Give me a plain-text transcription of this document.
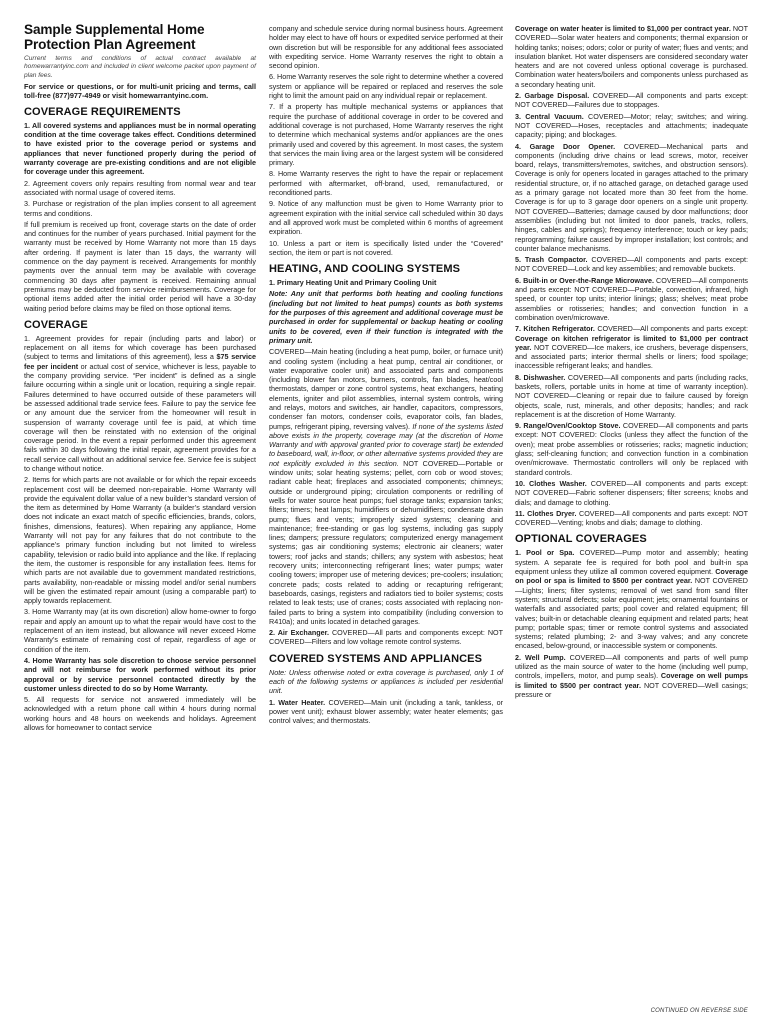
Sample Supplemental Home
Protection Plan Agreement

Current terms and conditions of actual contract available at homewarrantyinc.com and included in client welcome packet upon payment of plan fees.

For service or questions, or for multi-unit pricing and terms, call toll-free (877)977-4949 or visit homewarrantyinc.com.

COVERAGE REQUIREMENTS

1. All covered systems and appliances must be in normal operating condition at the time coverage takes effect. Conditions determined to have existed prior to the coverage period or systems and appliances that never functioned properly during the period of warranty coverage are pre-existing conditions and are not eligible for coverage under this agreement.

2. Agreement covers only repairs resulting from normal wear and tear associated with normal usage of covered items.

3. Purchase or registration of the plan implies consent to all agreement terms and conditions.

If full premium is received up front, coverage starts on the date of order and continues for the number of years purchased. Initial payment for the warranty must be received by Home Warranty not more than 15 days after ordering. If payment is later than 15 days, the warranty will commence on the day payment is received. Arrangements for monthly payments over the annual term may be available with coverage commencing 30 days after payment is received. Remaining annual premiums may be deducted from service reimbursements. Coverage for optional items added after the initial order period will have a 30-day waiting period before claims may be filed on those optional items.

COVERAGE

1. Agreement provides for repair (including parts and labor) or replacement on all items for which coverage has been purchased (subject to terms and limitations of this agreement), less a $75 service fee per incident or actual cost of service, whichever is less, payable to the company providing service. “Per incident” is defined as a single failure occurring within a single unit or location, requiring a single repair. Failures determined to have occurred outside of these parameters will be assessed additional trade service fees. Failure to pay the service fee or any amount due the servicer from the homeowner will result in suspension of warranty coverage until fee is paid, at which time coverage will then be reinstated with no extension of the original coverage period. In the event a repair performed under this agreement fails within 30 days following the initial repair, agreement provides for a recall service call without an additional service fee. Service fee is subject to change without notice.

2. Items for which parts are not available or for which the repair exceeds replacement cost will be deemed non-repairable. Home Warranty will provide the equivalent dollar value of a new builder’s standard version of the item as determined by Home Warranty (a builder’s standard version does not indicate an exact match of specific efficiencies, brands, colors, finishes, dimensions, features). When repairing any appliance, Home Warranty will not pay for any failures that do not contribute to the appliance’s primary function including but not limited to wireless capability, television or radio build into appliance and the like. If replacing the item, the customer is responsible for any installation fees. Items for which parts are not available due to government mandated restrictions, parts availability, non-readable or missing model and/or serial numbers will be given the estimated repair amount (using a comparable part) to apply towards replacement.

3. Home Warranty may (at its own discretion) allow home-owner to forgo repair and apply an amount up to what the repair would have cost to the replacement of an item instead, but allowance will never exceed Home Warranty’s estimate of remaining cost of repair, regardless of age or condition of the item.

4. Home Warranty has sole discretion to choose service personnel and will not reimburse for work performed without its prior approval or by service personnel contacted directly by the customer unless directed to do so by Home Warranty.

5. All requests for service not answered immediately will be acknowledged with a return phone call within 4 hours during normal working hours and 48 hours on weekends and holidays. Agreement allows for homeowner to contact service

company and schedule service during normal business hours. Agreement holder may elect to have off hours or expedited service performed at their own discretion but will be responsible for any additional fees associated with expediting service. Home Warranty reserves the right to obtain a second opinion.

6. Home Warranty reserves the sole right to determine whether a covered system or appliance will be repaired or replaced and reserves the sole right to limit the amount paid on any individual repair or replacement.

7. If a property has multiple mechanical systems or appliances that require the purchase of additional coverage in order to be covered and additional coverage is not purchased, Home Warranty reserves the right to determine which mechanical systems and/or appliances are the ones primarily used and covered by this agreement. In most cases, the system that services the main living area or the largest system will be considered primary.

8. Home Warranty reserves the right to have the repair or replacement performed with aftermarket, off-brand, used, remanufactured, or reconditioned parts.

9. Notice of any malfunction must be given to Home Warranty prior to agreement expiration with the initial service call scheduled within 30 days and all approved work must be completed within 6 months of agreement expiration.

10. Unless a part or item is specifically listed under the “Covered” section, the item or part is not covered.

HEATING, AND COOLING SYSTEMS

1. Primary Heating Unit and Primary Cooling Unit

Note: Any unit that performs both heating and cooling functions (including but not limited to heat pumps) counts as both systems for the purposes of this agreement and additional coverage must be purchased in order for supplemental or backup heating or cooling units to be covered, even if their function is integrated with the primary unit.

COVERED—Main heating (including a heat pump, boiler, or furnace unit) and cooling system (including a heat pump, central air conditioner, or water evaporative cooler unit) and associated parts and components (including blower fan motors, burners, controls, fan blades, heat/cool thermostats, damper or zone control systems, heat exchangers, heating elements, igniter and pilot assemblies, internal system controls, wiring and relays, motors and switches, air handler, capacitors, compressors, condenser fan motors, condenser coils, evaporator coils, fan blades, pumps, refrigerant piping, reversing valves). If none of the systems listed above exists in the property, coverage may (at the discretion of Home Warranty and with approval granted prior to coverage start) be extended to baseboard, wall, in-floor, or other alternative systems provided they are not explicitly excluded in this section. NOT COVERED—Portable or window units; solar heating systems; pellet, corn cob or wood stoves; radiant cable heat; fireplaces and associated components; chimneys; outside or underground piping; circulation components or redrilling of wells for water source heat pumps; fuel storage tanks; expansion tanks; filters; timers; heat lamps; humidifiers or dehumidifiers; condensate drain pump; flues and vents; improperly sized systems; cleaning and maintenance; free-standing or gas log systems, including gas supply lines; dampers; pressure regulators; computerized energy management systems; gas air conditioning systems; electronic air cleaners; water towers; roof jacks and stands; chillers; any system with asbestos; heat recovery units; interconnecting refrigerant lines; water pumps; water cooling towers; improper use of metering devices; pre-coolers; insulation; concrete pads; costs related to adding or recapturing refrigerant; baseboards, casings, registers and radiators tied to boiler systems; costs related to leak tests; use of cranes; costs associated with replacing non-failed parts to bring a system into compatibility (including conversion to R410a); and units located in detached garages.

2. Air Exchanger. COVERED—All parts and components except: NOT COVERED—Filters and low voltage remote control systems.

COVERED SYSTEMS AND APPLIANCES

Note: Unless otherwise noted or extra coverage is purchased, only 1 of each of the following systems or appliances is included per residential unit.

1. Water Heater. COVERED—Main unit (including a tank, tankless, or power vent unit); exhaust blower assembly; water heater elements; gas control valves; and thermostats.

Coverage on water heater is limited to $1,000 per contract year. NOT COVERED—Solar water heaters and components; thermal expansion or holding tanks; noises; odors; color or purity of water; flues and vents; and insulation blanket. Hot water dispensers are considered secondary water heaters and are not covered unless optional coverage is purchased. Combination water heaters/boilers and components unless purchased as a secondary heating unit.

2. Garbage Disposal. COVERED—All components and parts except: NOT COVERED—Failures due to stoppages.

3. Central Vacuum. COVERED—Motor; relay; switches; and wiring. NOT COVERED—Hoses, receptacles and attachments; inadequate capacity; piping; and blockages.

4. Garage Door Opener. COVERED—Mechanical parts and components (including drive chains or lead screws, motor, receiver board, relays, transmitters/remotes, switches, and obstruction sensors). Coverage is only for openers located in garages attached to the primary residential structure, or, if no attached garage, on detached garage used as a primary garage not located more than 30 feet from the home. Coverage is for up to 3 garage door openers on a single unit property. NOT COVERED—Batteries; damage caused by door malfunctions; door assemblies (including but not limited to door panels, tracks, rollers, hinges, cables and springs); frequency interference; touch or key pads; reprogramming; failure caused by improper installation; lost controls; and counter balance mechanisms.

5. Trash Compactor. COVERED—All components and parts except: NOT COVERED—Lock and key assemblies; and removable buckets.

6. Built-in or Over-the-Range Microwave. COVERED—All components and parts except: NOT COVERED—Portable, convection, infrared, high speed, or counter top units; interior linings; glass; shelves; meat probe assemblies or rotisseries; handles; and convection function in a combination oven/microwave.

7. Kitchen Refrigerator. COVERED—All components and parts except: Coverage on kitchen refrigerator is limited to $1,000 per contract year. NOT COVERED—Ice makers, ice crushers, beverage dispensers, and associated parts; interior thermal shells or liners; food spoilage; inaccessible refrigerant leaks; and handles.

8. Dishwasher. COVERED—All components and parts (including racks, baskets, rollers, portable units in home at time of warranty inception). NOT COVERED—Cleaning or repair due to failure caused by foreign objects, scale, rust, minerals, and other deposits; handles; and rack replacement is at the discretion of Home Warranty.

9. Range/Oven/Cooktop Stove. COVERED—All components and parts except: NOT COVERED: Clocks (unless they affect the function of the oven); meat probe assemblies or rotisseries; racks; magnetic induction; glass; self-cleaning function; and convection function in a combination oven/microwave. Thermostatic controllers will only be replaced with standard controls.

10. Clothes Washer. COVERED—All components and parts except: NOT COVERED—Fabric softener dispensers; filter screens; knobs and dials; and damage to clothing.

11. Clothes Dryer. COVERED—All components and parts except: NOT COVERED—Venting; knobs and dials; damage to clothing.

OPTIONAL COVERAGES

1. Pool or Spa. COVERED—Pump motor and assembly; heating system. A separate fee is required for both pool and built-in spa equipment unless they utilize all common covered equipment. Coverage on pool or spa is limited to $500 per contract year. NOT COVERED—Lights; liners; filter systems; removal of wet sand from sand filter system; structural defects; solar equipment; jets; ornamental fountains or waterfalls and associated parts; pool cover and related equipment; fill valves; built-in or detachable cleaning equipment and related parts; heat pump; portable spas; timer or remote control systems and associated systems; related plumbing; 2- and 3-way valves; and any concrete encased, below-ground, or inaccessible system or components.

2. Well Pump. COVERED—All components and parts of well pump utilized as the main source of water to the home (including well pump, controls, impellers, motor, and pump seals). Coverage on well pumps is limited to $500 per contract year. NOT COVERED—Well casings; pressure or

CONTINUED ON REVERSE SIDE
